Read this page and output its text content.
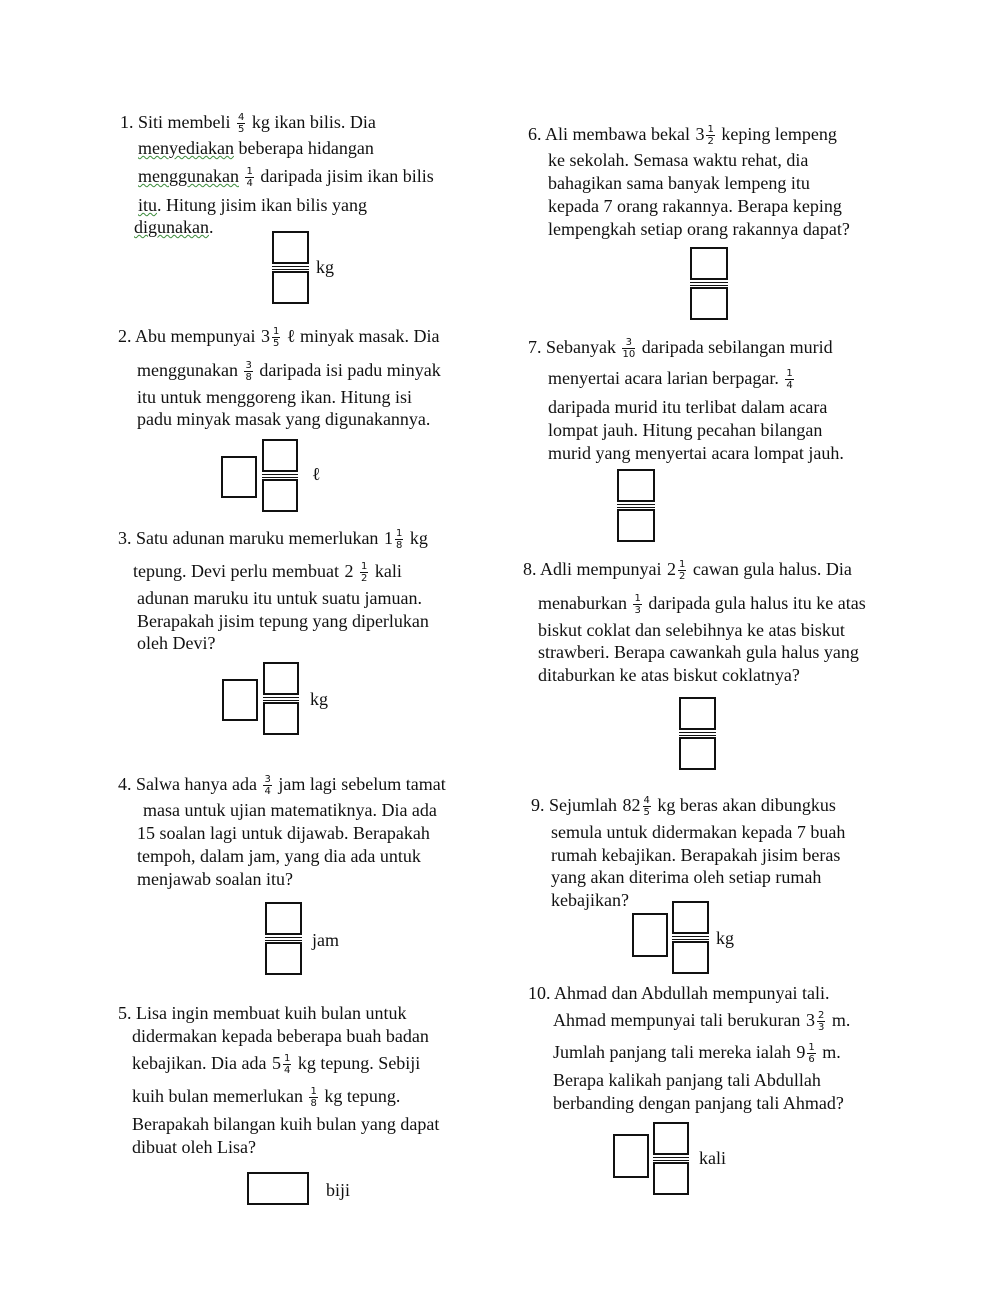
1. Siti membeli $\frac{4}{5}$ kg ikan bilis. Dia
menyediakan beberapa hidangan
menggunakan $\frac{1}{4}$ daripada jisim ikan bilis
itu. Hitung jisim ikan bilis yang
digunakan.
kg
2. Abu mempunyai $3 \frac{1}{5}$ ℓ minyak masak. Dia
menggunakan $\frac{3}{8}$ daripada isi padu minyak
itu untuk menggoreng ikan. Hitung isi
padu minyak masak yang digunakannya.
ℓ
3. Satu adunan maruku memerlukan $1 \frac{1}{8}$ kg
tepung. Devi perlu membuat $2 \frac{1}{2}$ kali
adunan maruku itu untuk suatu jamuan.
Berapakah jisim tepung yang diperlukan
oleh Devi?
kg
4. Salwa hanya ada $\frac{3}{4}$ jam lagi sebelum tamat
masa untuk ujian matematiknya. Dia ada
15 soalan lagi untuk dijawab. Berapakah
tempoh, dalam jam, yang dia ada untuk
menjawab soalan itu?
jam
5. Lisa ingin membuat kuih bulan untuk
didermakan kepada beberapa buah badan
kebajikan. Dia ada $5 \frac{1}{4}$ kg tepung. Sebiji
kuih bulan memerlukan $\frac{1}{8}$ kg tepung.
Berapakah bilangan kuih bulan yang dapat
dibuat oleh Lisa?
biji
6. Ali membawa bekal $3 \frac{1}{2}$ keping lempeng
ke sekolah. Semasa waktu rehat, dia
bahagikan sama banyak lempeng itu
kepada 7 orang rakannya. Berapa keping
lempengkah setiap orang rakannya dapat?
7. Sebanyak $\frac{3}{10}$ daripada sebilangan murid
menyertai acara larian berpagar. $\frac{1}{4}$
daripada murid itu terlibat dalam acara
lompat jauh. Hitung pecahan bilangan
murid yang menyertai acara lompat jauh.
8. Adli mempunyai $2 \frac{1}{2}$ cawan gula halus. Dia
menaburkan $\frac{1}{3}$ daripada gula halus itu ke atas
biskut coklat dan selebihnya ke atas biskut
strawberi. Berapa cawankah gula halus yang
ditaburkan ke atas biskut coklatnya?
9. Sejumlah $82 \frac{4}{5}$ kg beras akan dibungkus
semula untuk didermakan kepada 7 buah
rumah kebajikan. Berapakah jisim beras
yang akan diterima oleh setiap rumah
kebajikan?
kg
10. Ahmad dan Abdullah mempunyai tali.
Ahmad mempunyai tali berukuran $3 \frac{2}{3} m$.
Jumlah panjang tali mereka ialah $9 \frac{1}{6} m$.
Berapa kalikah panjang tali Abdullah
berbanding dengan panjang tali Ahmad?
kali
